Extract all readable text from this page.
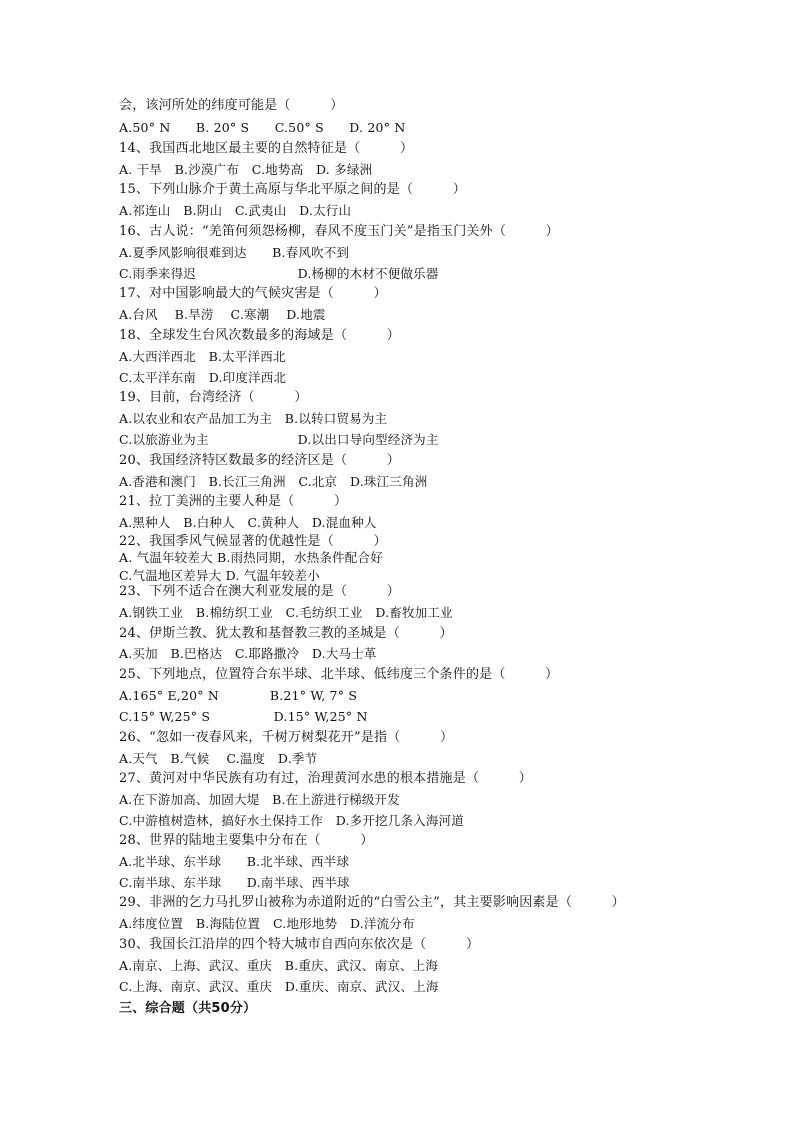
会，该河所处的纬度可能是（　　　）
A.50° N　　B. 20° S　　C.50° S　　D. 20° N
14、我国西北地区最主要的自然特征是（　　　）
A. 干旱　B.沙漠广布　C.地势高　D. 多绿洲
15、下列山脉介于黄土高原与华北平原之间的是（　　　）
A.祁连山　B.阴山　C.武夷山　D.太行山
16、古人说：“羌笛何须怨杨柳，春风不度玉门关”是指玉门关外（　　　）
A.夏季风影响很难到达　　B.春风吹不到
C.雨季来得迟　　　　　　　　D.杨柳的木材不便做乐器
17、对中国影响最大的气候灾害是（　　　）
A.台风　 B.旱涝　 C.寒潮　 D.地震
18、全球发生台风次数最多的海域是（　　　）
A.大西洋西北　B.太平洋西北
C.太平洋东南　D.印度洋西北
19、目前，台湾经济（　　　）
A.以农业和农产品加工为主　B.以转口贸易为主
C.以旅游业为主　　　　　　　D.以出口导向型经济为主
20、我国经济特区数最多的经济区是（　　　）
A.香港和澳门　B.长江三角洲　C.北京　D.珠江三角洲
21、拉丁美洲的主要人种是（　　　）
A.黑种人　B.白种人　C.黄种人　D.混血种人
22、我国季风气候显著的优越性是（　　　）
A. 气温年较差大 B.雨热同期，水热条件配合好
C.气温地区差异大 D. 气温年较差小
23、下列不适合在澳大利亚发展的是（　　　）
A.钢铁工业　B.棉纺织工业　C.毛纺织工业　D.畜牧加工业
24、伊斯兰教、犹太教和基督教三教的圣城是（　　　）
A.买加　B.巴格达　C.耶路撒冷　D.大马士革
25、下列地点，位置符合东半球、北半球、低纬度三个条件的是（　　　）
A.165° E,20° N　　　　B.21° W, 7° S
C.15° W,25° S　　　　　D.15° W,25° N
26、“忽如一夜春风来，千树万树梨花开”是指（　　　）
A.天气　B.气候　 C.温度　D.季节
27、黄河对中华民族有功有过，治理黄河水患的根本措施是（　　　）
A.在下游加高、加固大堤　B.在上游进行梯级开发
C.中游植树造林，搞好水土保持工作　D.多开挖几条入海河道
28、世界的陆地主要集中分布在（　　　）
A.北半球、东半球　　B.北半球、西半球
C.南半球、东半球　　D.南半球、西半球
29、非洲的乞力马扎罗山被称为赤道附近的“白雪公主”，其主要影响因素是（　　　）
A.纬度位置　B.海陆位置　C.地形地势　D.洋流分布
30、我国长江沿岸的四个特大城市自西向东依次是（　　　）
A.南京、上海、武汉、重庆　B.重庆、武汉、南京、上海
C.上海、南京、武汉、重庆　D.重庆、南京、武汉、上海
三、综合题（共50分）
